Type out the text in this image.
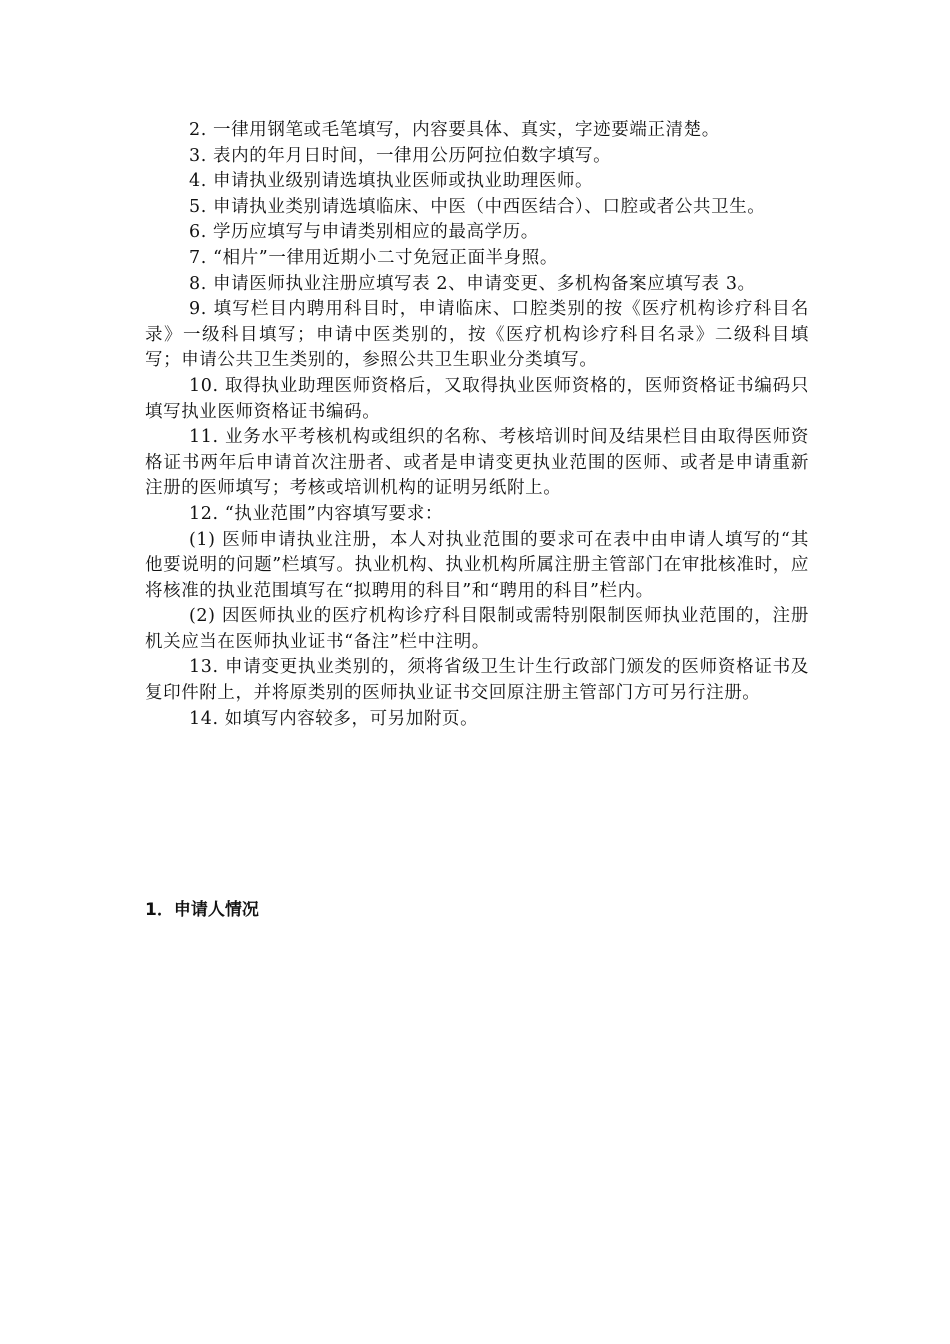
2. 一律用钢笔或毛笔填写，内容要具体、真实，字迹要端正清楚。

3. 表内的年月日时间，一律用公历阿拉伯数字填写。

4. 申请执业级别请选填执业医师或执业助理医师。

5. 申请执业类别请选填临床、中医（中西医结合）、口腔或者公共卫生。

6. 学历应填写与申请类别相应的最高学历。

7. “相片”一律用近期小二寸免冠正面半身照。

8. 申请医师执业注册应填写表 2、申请变更、多机构备案应填写表 3。

9. 填写栏目内聘用科目时，申请临床、口腔类别的按《医疗机构诊疗科目名录》一级科目填写；申请中医类别的，按《医疗机构诊疗科目名录》二级科目填写；申请公共卫生类别的，参照公共卫生职业分类填写。

10. 取得执业助理医师资格后，又取得执业医师资格的，医师资格证书编码只填写执业医师资格证书编码。

11. 业务水平考核机构或组织的名称、考核培训时间及结果栏目由取得医师资格证书两年后申请首次注册者、或者是申请变更执业范围的医师、或者是申请重新注册的医师填写；考核或培训机构的证明另纸附上。

12. “执业范围”内容填写要求：

(1) 医师申请执业注册，本人对执业范围的要求可在表中由申请人填写的“其他要说明的问题”栏填写。执业机构、执业机构所属注册主管部门在审批核准时，应将核准的执业范围填写在“拟聘用的科目”和“聘用的科目”栏内。

(2) 因医师执业的医疗机构诊疗科目限制或需特别限制医师执业范围的，注册机关应当在医师执业证书“备注”栏中注明。

13. 申请变更执业类别的，须将省级卫生计生行政部门颁发的医师资格证书及复印件附上，并将原类别的医师执业证书交回原注册主管部门方可另行注册。

14. 如填写内容较多，可另加附页。

1．申请人情况
